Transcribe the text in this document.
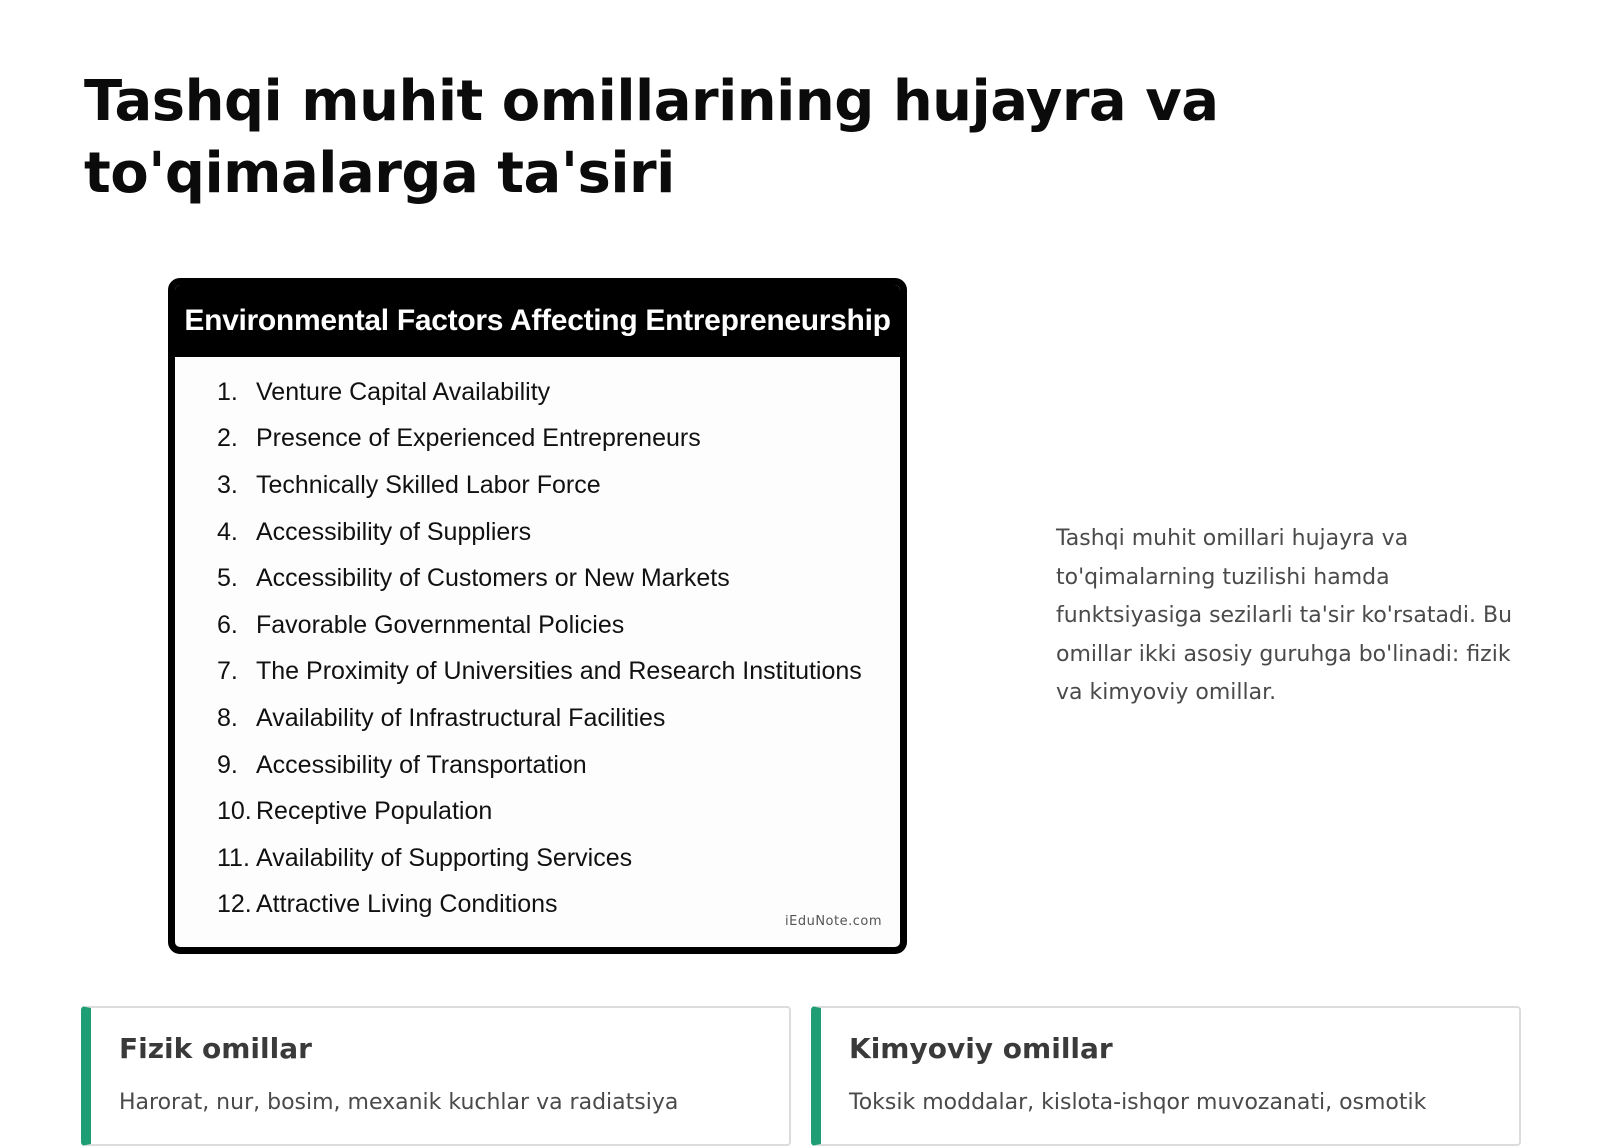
Tashqi muhit omillarining hujayra va to'qimalarga ta'siri
Environmental Factors Affecting Entrepreneurship
1. Venture Capital Availability
2. Presence of Experienced Entrepreneurs
3. Technically Skilled Labor Force
4. Accessibility of Suppliers
5. Accessibility of Customers or New Markets
6. Favorable Governmental Policies
7. The Proximity of Universities and Research Institutions
8. Availability of Infrastructural Facilities
9. Accessibility of Transportation
10. Receptive Population
11. Availability of Supporting Services
12. Attractive Living Conditions
iEduNote.com

Tashqi muhit omillari hujayra va to'qimalarning tuzilishi hamda funktsiyasiga sezilarli ta'sir ko'rsatadi. Bu omillar ikki asosiy guruhga bo'linadi: fizik va kimyoviy omillar.

Fizik omillar

Harorat, nur, bosim, mexanik kuchlar va radiatsiya

Kimyoviy omillar

Toksik moddalar, kislota-ishqor muvozanati, osmotik
